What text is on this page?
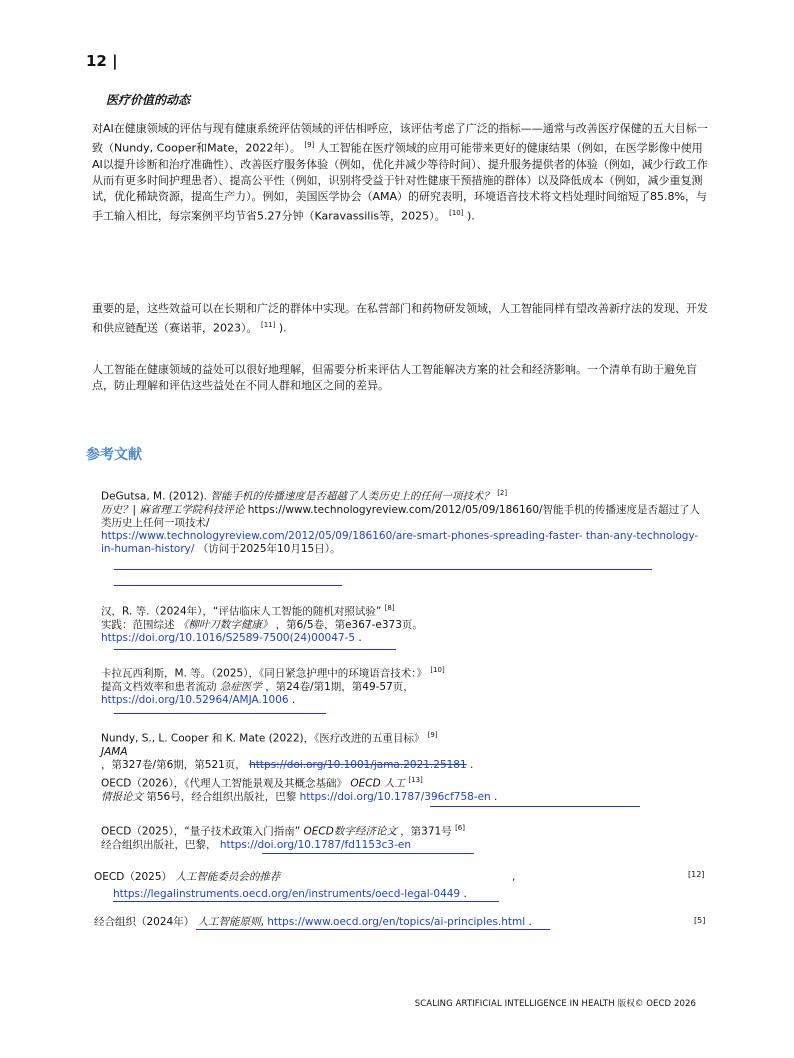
12 |
医疗价值的动态
对AI在健康领域的评估与现有健康系统评估领域的评估相呼应，该评估考虑了广泛的指标——通常与改善医疗保健的五大目标一致（Nundy, Cooper和Mate，2022年）。 [9] 人工智能在医疗领域的应用可能带来更好的健康结果（例如，在医学影像中使用AI以提升诊断和治疗准确性）、改善医疗服务体验（例如，优化并减少等待时间）、提升服务提供者的体验（例如，减少行政工作从而有更多时间护理患者）、提高公平性（例如，识别将受益于针对性健康干预措施的群体）以及降低成本（例如，减少重复测试，优化稀缺资源，提高生产力）。例如，美国医学协会（AMA）的研究表明，环境语音技术将文档处理时间缩短了85.8%，与手工输入相比，每宗案例平均节省5.27分钟（Karavassilis等，2025）。 [10] ).
重要的是，这些效益可以在长期和广泛的群体中实现。在私营部门和药物研发领域，人工智能同样有望改善新疗法的发现、开发和供应链配送（赛诺菲，2023）。 [11] ).
人工智能在健康领域的益处可以很好地理解，但需要分析来评估人工智能解决方案的社会和经济影响。一个清单有助于避免盲点，防止理解和评估这些益处在不同人群和地区之间的差异。
参考文献
DeGutsa, M. (2012). 智能手机的传播速度是否超越了人类历史上的任何一项技术？ [2]
历史？| 麻省理工学院科技评论 https://www.technologyreview.com/2012/05/09/186160/智能手机的传播速度是否超过了人类历史上任何一项技术/
https://www.technologyreview.com/2012/05/09/186160/are-smart-phones-spreading-faster- than-any-technology-in-human-history/ （访问于2025年10月15日）。
汉，R. 等.（2024年），“评估临床人工智能的随机对照试验” [8]
实践：范围综述 《柳叶刀数字健康》 ，第6/5卷，第e367-e373页。
https://doi.org/10.1016/S2589-7500(24)00047-5 .
卡拉瓦西利斯，M. 等。（2025），《同日紧急护理中的环境语音技术：》 [10]
提高文档效率和患者流动 急症医学 ，第24卷/第1期，第49-57页，
https://doi.org/10.52964/AMJA.1006 .
Nundy, S., L. Cooper 和 K. Mate (2022)，《医疗改进的五重目标》 [9]
JAMA
，第327卷/第6期，第521页， https://doi.org/10.1001/jama.2021.25181 .
OECD（2026），《代理人工智能景观及其概念基础》 OECD 人工 [13]
情报论文 第56号，经合组织出版社，巴黎 https://doi.org/10.1787/396cf758-en .
OECD（2025），“量子技术政策入门指南” OECD数字经济论文 ，第371号 [6]
经合组织出版社，巴黎， https://doi.org/10.1787/fd1153c3-en
OECD（2025） 人工智能委员会的推荐	,	[12]
https://legalinstruments.oecd.org/en/instruments/oecd-legal-0449 .
经合组织（2024年） 人工智能原则, https://www.oecd.org/en/topics/ai-principles.html .	[5]
SCALING ARTIFICIAL INTELLIGENCE IN HEALTH 版权© OECD 2026
